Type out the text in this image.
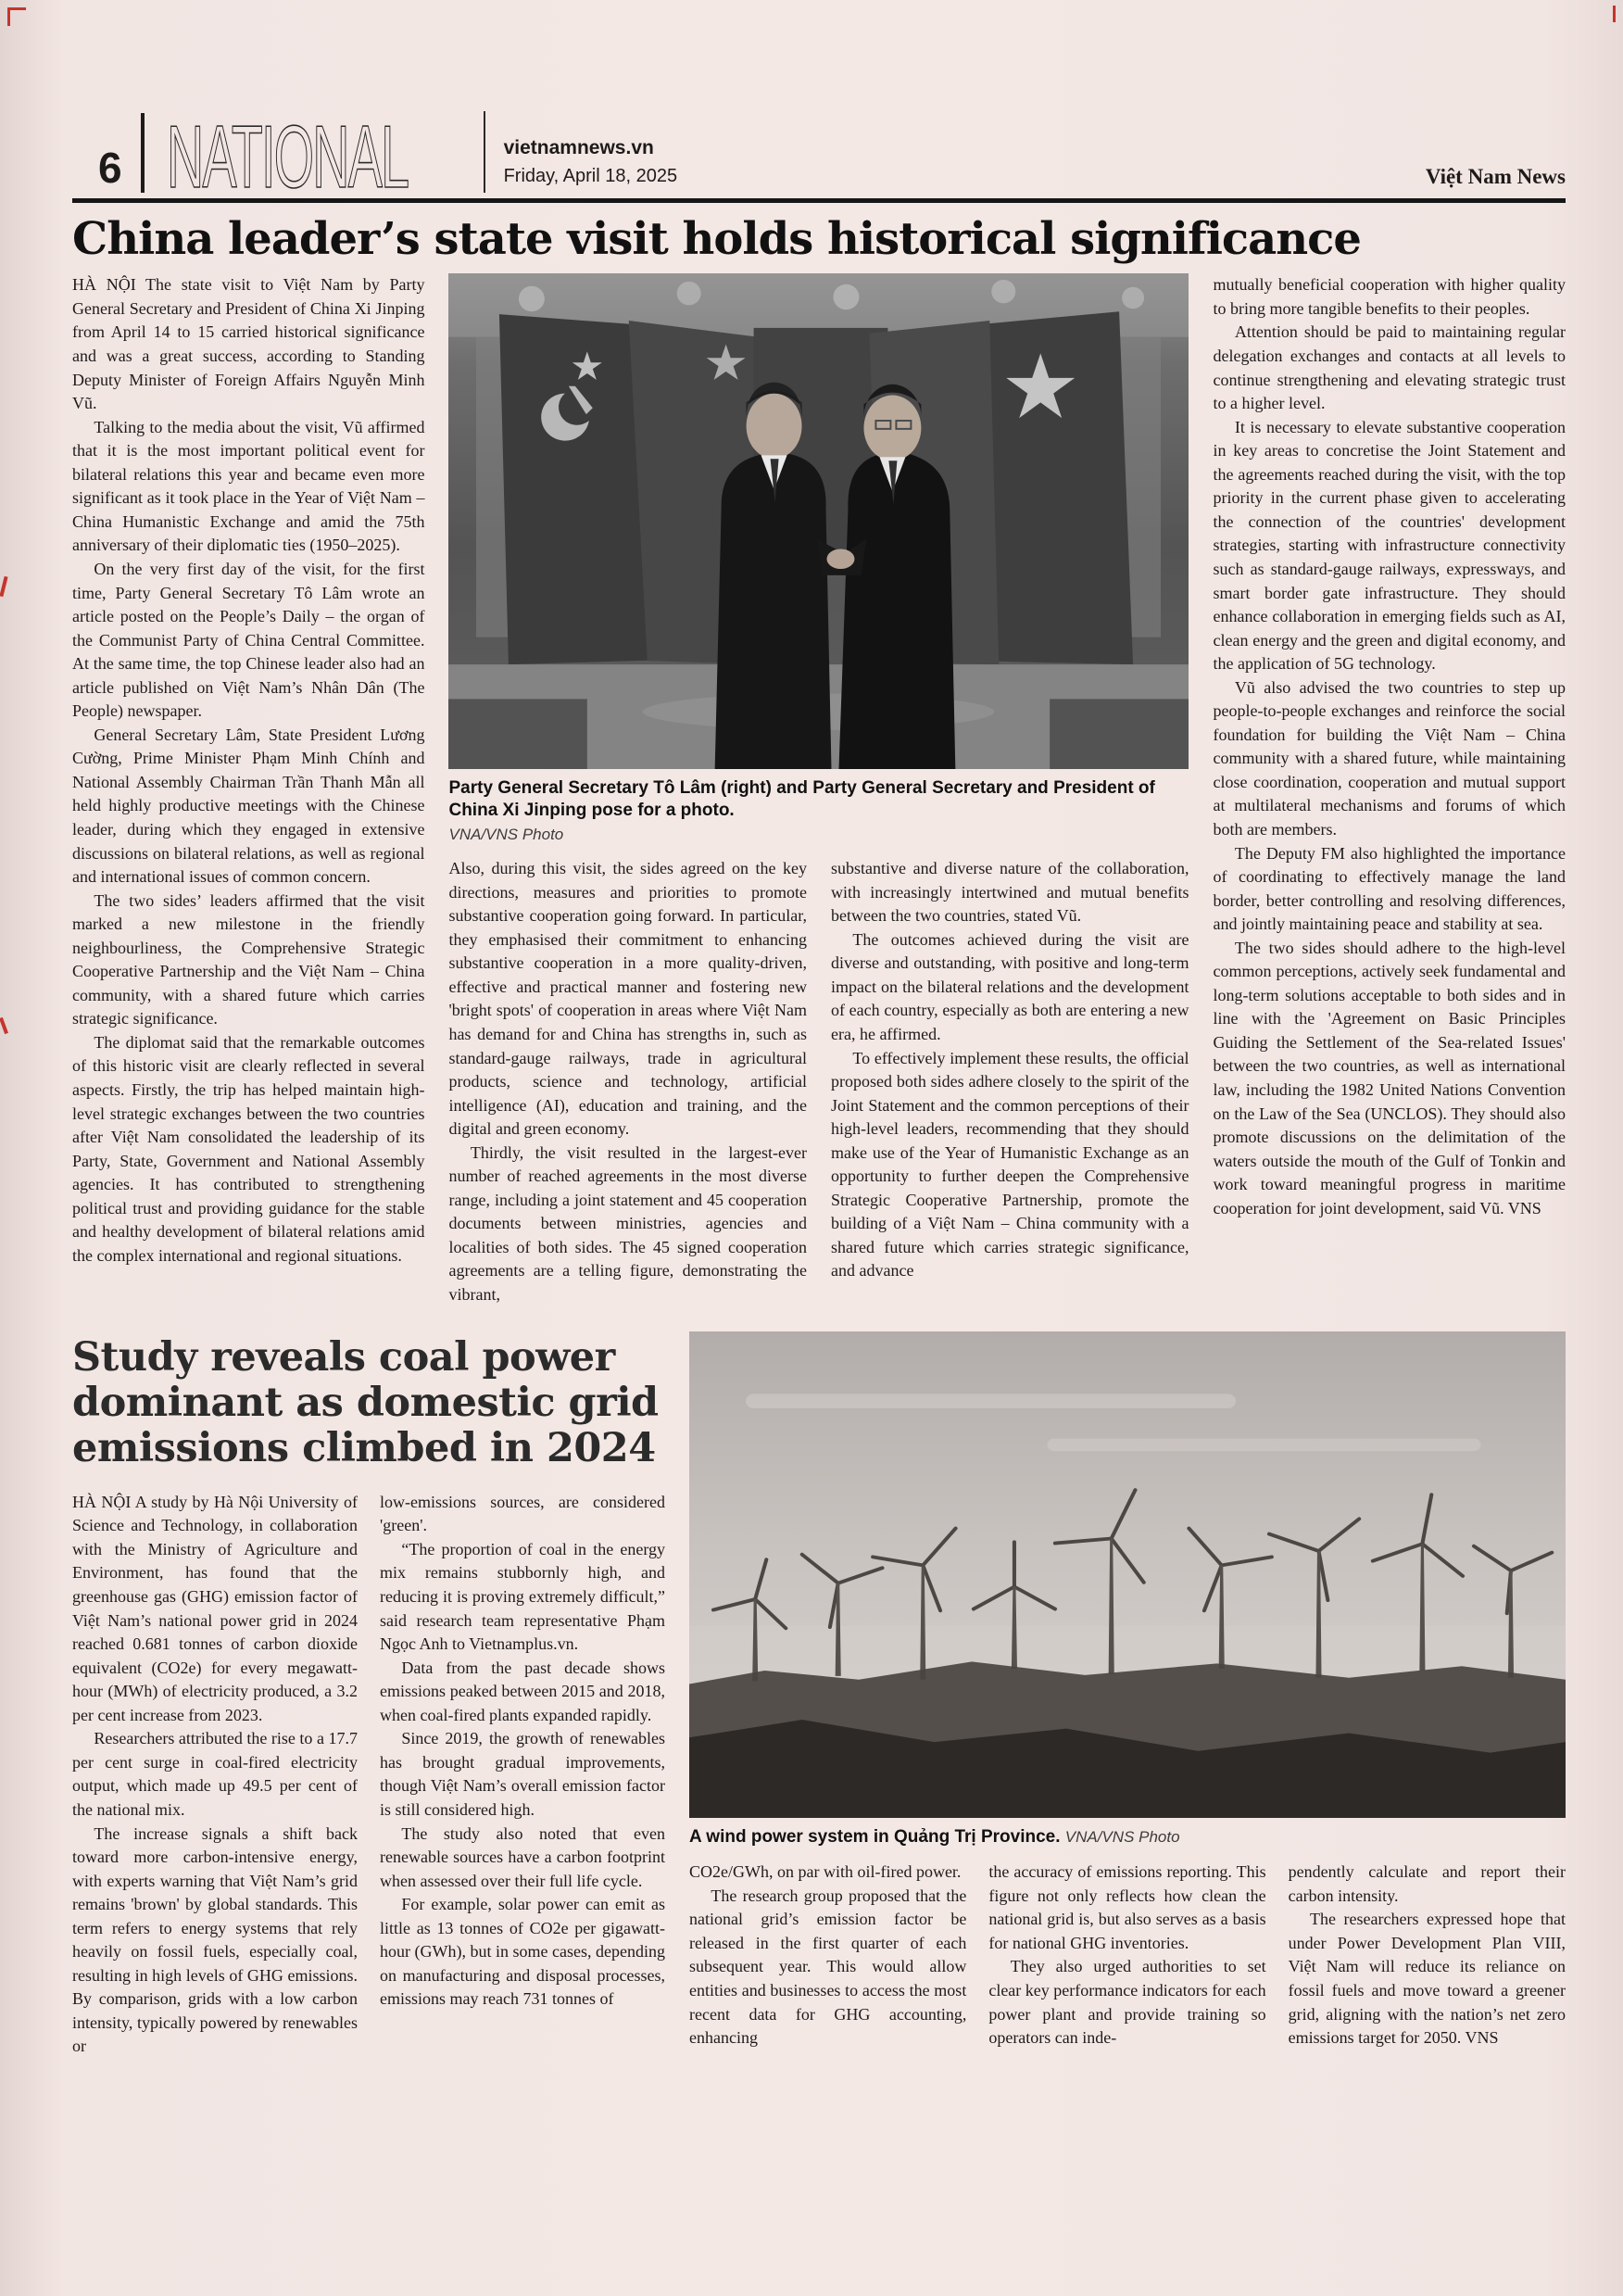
6 NATIONAL	vietnamnews.vn
Friday, April 18, 2025	Việt Nam News
China leader’s state visit holds historical significance

HÀ NỘI The state visit to Việt Nam by Party General Secretary and President of China Xi Jinping from April 14 to 15 carried historical significance and was a great success, according to Standing Deputy Minister of Foreign Affairs Nguyễn Minh Vũ.

Talking to the media about the visit, Vũ affirmed that it is the most important political event for bilateral relations this year and became even more significant as it took place in the Year of Việt Nam – China Humanistic Exchange and amid the 75th anniversary of their diplomatic ties (1950–2025).

On the very first day of the visit, for the first time, Party General Secretary Tô Lâm wrote an article posted on the People’s Daily – the organ of the Communist Party of China Central Committee. At the same time, the top Chinese leader also had an article published on Việt Nam’s Nhân Dân (The People) newspaper.

General Secretary Lâm, State President Lương Cường, Prime Minister Phạm Minh Chính and National Assembly Chairman Trần Thanh Mẫn all held highly productive meetings with the Chinese leader, during which they engaged in extensive discussions on bilateral relations, as well as regional and international issues of common concern.

The two sides’ leaders affirmed that the visit marked a new milestone in the friendly neighbourliness, the Comprehensive Strategic Cooperative Partnership and the Việt Nam – China community, with a shared future which carries strategic significance.

The diplomat said that the remarkable outcomes of this historic visit are clearly reflected in several aspects. Firstly, the trip has helped maintain high-level strategic exchanges between the two countries after Việt Nam consolidated the leadership of its Party, State, Government and National Assembly agencies. It has contributed to strengthening political trust and providing guidance for the stable and healthy development of bilateral relations amid the complex international and regional situations.

Party General Secretary Tô Lâm (right) and Party General Secretary and President of China Xi Jinping pose for a photo.
VNA/VNS Photo

Also, during this visit, the sides agreed on the key directions, measures and priorities to promote substantive cooperation going forward. In particular, they emphasised their commitment to enhancing substantive cooperation in a more quality-driven, effective and practical manner and fostering new 'bright spots' of cooperation in areas where Việt Nam has demand for and China has strengths in, such as standard-gauge railways, trade in agricultural products, science and technology, artificial intelligence (AI), education and training, and the digital and green economy.

Thirdly, the visit resulted in the largest-ever number of reached agreements in the most diverse range, including a joint statement and 45 cooperation documents between ministries, agencies and localities of both sides. The 45 signed cooperation agreements are a telling figure, demonstrating the vibrant,

substantive and diverse nature of the collaboration, with increasingly intertwined and mutual benefits between the two countries, stated Vũ.

The outcomes achieved during the visit are diverse and outstanding, with positive and long-term impact on the bilateral relations and the development of each country, especially as both are entering a new era, he affirmed.

To effectively implement these results, the official proposed both sides adhere closely to the spirit of the Joint Statement and the common perceptions of their high-level leaders, recommending that they should make use of the Year of Humanistic Exchange as an opportunity to further deepen the Comprehensive Strategic Cooperative Partnership, promote the building of a Việt Nam – China community with a shared future which carries strategic significance, and advance

mutually beneficial cooperation with higher quality to bring more tangible benefits to their peoples.

Attention should be paid to maintaining regular delegation exchanges and contacts at all levels to continue strengthening and elevating strategic trust to a higher level.

It is necessary to elevate substantive cooperation in key areas to concretise the Joint Statement and the agreements reached during the visit, with the top priority in the current phase given to accelerating the connection of the countries' development strategies, starting with infrastructure connectivity such as standard-gauge railways, expressways, and smart border gate infrastructure. They should enhance collaboration in emerging fields such as AI, clean energy and the green and digital economy, and the application of 5G technology.

Vũ also advised the two countries to step up people-to-people exchanges and reinforce the social foundation for building the Việt Nam – China community with a shared future, while maintaining close coordination, cooperation and mutual support at multilateral mechanisms and forums of which both are members.

The Deputy FM also highlighted the importance of coordinating to effectively manage the land border, better controlling and resolving differences, and jointly maintaining peace and stability at sea.

The two sides should adhere to the high-level common perceptions, actively seek fundamental and long-term solutions acceptable to both sides and in line with the 'Agreement on Basic Principles Guiding the Settlement of the Sea-related Issues' between the two countries, as well as international law, including the 1982 United Nations Convention on the Law of the Sea (UNCLOS). They should also promote discussions on the delimitation of the waters outside the mouth of the Gulf of Tonkin and work toward meaningful progress in maritime cooperation for joint development, said Vũ. VNS

Study reveals coal power dominant as domestic grid emissions climbed in 2024

HÀ NỘI A study by Hà Nội University of Science and Technology, in collaboration with the Ministry of Agriculture and Environment, has found that the greenhouse gas (GHG) emission factor of Việt Nam’s national power grid in 2024 reached 0.681 tonnes of carbon dioxide equivalent (CO2e) for every megawatt-hour (MWh) of electricity produced, a 3.2 per cent increase from 2023.

Researchers attributed the rise to a 17.7 per cent surge in coal-fired electricity output, which made up 49.5 per cent of the national mix.

The increase signals a shift back toward more carbon-intensive energy, with experts warning that Việt Nam’s grid remains 'brown' by global standards. This term refers to energy systems that rely heavily on fossil fuels, especially coal, resulting in high levels of GHG emissions. By comparison, grids with a low carbon intensity, typically powered by renewables or

low-emissions sources, are considered 'green'.

“The proportion of coal in the energy mix remains stubbornly high, and reducing it is proving extremely difficult,” said research team representative Phạm Ngọc Anh to Vietnamplus.vn.

Data from the past decade shows emissions peaked between 2015 and 2018, when coal-fired plants expanded rapidly.

Since 2019, the growth of renewables has brought gradual improvements, though Việt Nam’s overall emission factor is still considered high.

The study also noted that even renewable sources have a carbon footprint when assessed over their full life cycle.

For example, solar power can emit as little as 13 tonnes of CO2e per gigawatt-hour (GWh), but in some cases, depending on manufacturing and disposal processes, emissions may reach 731 tonnes of

A wind power system in Quảng Trị Province. VNA/VNS Photo

CO2e/GWh, on par with oil-fired power.

The research group proposed that the national grid’s emission factor be released in the first quarter of each subsequent year. This would allow entities and businesses to access the most recent data for GHG accounting, enhancing

the accuracy of emissions reporting. This figure not only reflects how clean the national grid is, but also serves as a basis for national GHG inventories.

They also urged authorities to set clear key performance indicators for each power plant and provide training so operators can inde-

pendently calculate and report their carbon intensity.

The researchers expressed hope that under Power Development Plan VIII, Việt Nam will reduce its reliance on fossil fuels and move toward a greener grid, aligning with the nation’s net zero emissions target for 2050. VNS
